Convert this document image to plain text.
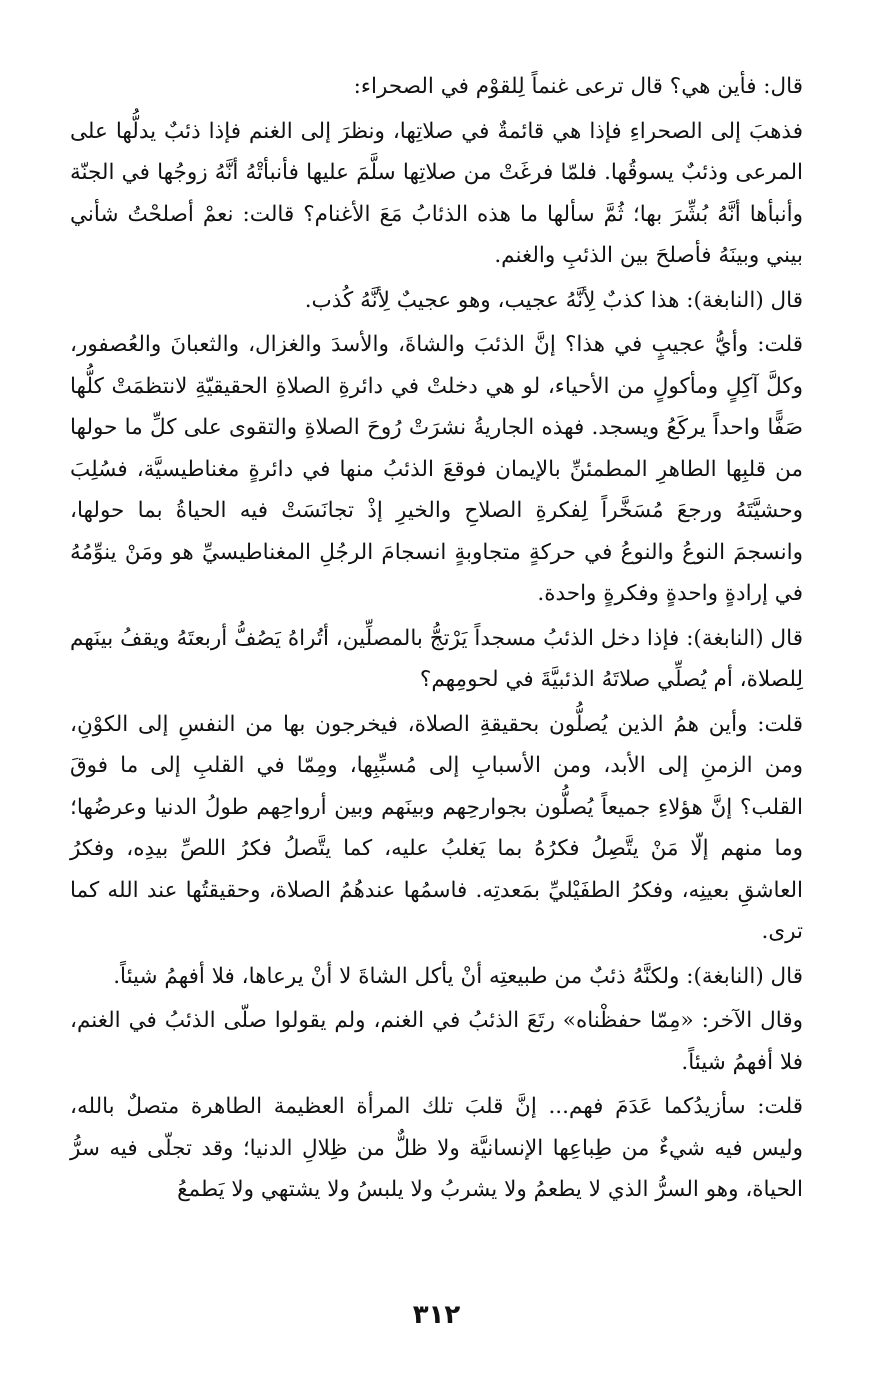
قال: فأين هي؟ قال ترعى غنماً لِلقوْم في الصحراء:

فذهبَ إلى الصحراءِ فإذا هي قائمةٌ في صلاتِها، ونظرَ إلى الغنم فإذا ذئبٌ يدلُّها على المرعى وذئبٌ يسوقُها. فلمّا فرغَتْ من صلاتِها سلَّمَ عليها فأنبأتْهُ أنَّهُ زوجُها في الجنّة وأنبأها أنَّهُ بُشِّرَ بها؛ ثُمَّ سألها ما هذه الذئابُ مَعَ الأغنام؟ قالت: نعمْ أصلحْتُ شأني بيني وبينَهُ فأصلحَ بين الذئبِ والغنم.

قال (النابغة): هذا كذبٌ لِأنَّهُ عجيب، وهو عجيبٌ لِأنَّهُ كُذب.

قلت: وأيُّ عجيبٍ في هذا؟ إنَّ الذئبَ والشاةَ، والأسدَ والغزال، والثعبانَ والعُصفور، وكلَّ آكِلٍ ومأكولٍ من الأحياء، لو هي دخلتْ في دائرةِ الصلاةِ الحقيقيّةِ لانتظمَتْ كلُّها صَفًّا واحداً يركَعُ ويسجد. فهذه الجاريةُ نشرَتْ رُوحَ الصلاةِ والتقوى على كلِّ ما حولها من قلبِها الطاهرِ المطمئنِّ بالإيمان فوقعَ الذئبُ منها في دائرةٍ مغناطيسيَّة، فسُلِبَ وحشيَّتَهُ ورجعَ مُسَخَّراً لِفكرةِ الصلاحِ والخيرِ إذْ تجانَسَتْ فيه الحياةُ بما حولها، وانسجمَ النوعُ والنوعُ في حركةٍ متجاوبةٍ انسجامَ الرجُلِ المغناطيسيِّ هو ومَنْ ينوِّمُهُ في إرادةٍ واحدةٍ وفكرةٍ واحدة.

قال (النابغة): فإذا دخل الذئبُ مسجداً يَرْتجُّ بالمصلِّين، أتُراهُ يَصُفُّ أربعتَهُ ويقفُ بينَهم لِلصلاة، أم يُصلِّي صلاتَهُ الذئبيَّةَ في لحومِهم؟

قلت: وأين همُ الذين يُصلُّون بحقيقةِ الصلاة، فيخرجون بها من النفسِ إلى الكوْنِ، ومن الزمنِ إلى الأبد، ومن الأسبابِ إلى مُسبِّبِها، ومِمّا في القلبِ إلى ما فوقَ القلب؟ إنَّ هؤلاءِ جميعاً يُصلُّون بجوارحِهم وبينَهم وبين أرواحِهم طولُ الدنيا وعرضُها؛ وما منهم إلّا مَنْ يتَّصِلُ فكرُهُ بما يَغلبُ عليه، كما يتَّصلُ فكرُ اللصِّ بيدِه، وفكرُ العاشقِ بعينِه، وفكرُ الطفَيْليِّ بمَعدتِه. فاسمُها عندهُمُ الصلاة، وحقيقتُها عند الله كما ترى.

قال (النابغة): ولكنَّهُ ذئبٌ من طبيعتِه أنْ يأكل الشاةَ لا أنْ يرعاها، فلا أفهمُ شيئاً.

وقال الآخر: «مِمّا حفظْناه» رتَعَ الذئبُ في الغنم، ولم يقولوا صلّى الذئبُ في الغنم، فلا أفهمُ شيئاً.

قلت: سأزيدُكما عَدَمَ فهم... إنَّ قلبَ تلك المرأة العظيمة الطاهرة متصلٌ بالله، وليس فيه شيءٌ من طِباعِها الإنسانيَّة ولا ظلٌّ من ظِلالِ الدنيا؛ وقد تجلّى فيه سرُّ الحياة، وهو السرُّ الذي لا يطعمُ ولا يشربُ ولا يلبسُ ولا يشتهي ولا يَطمعُ

٣١٢
